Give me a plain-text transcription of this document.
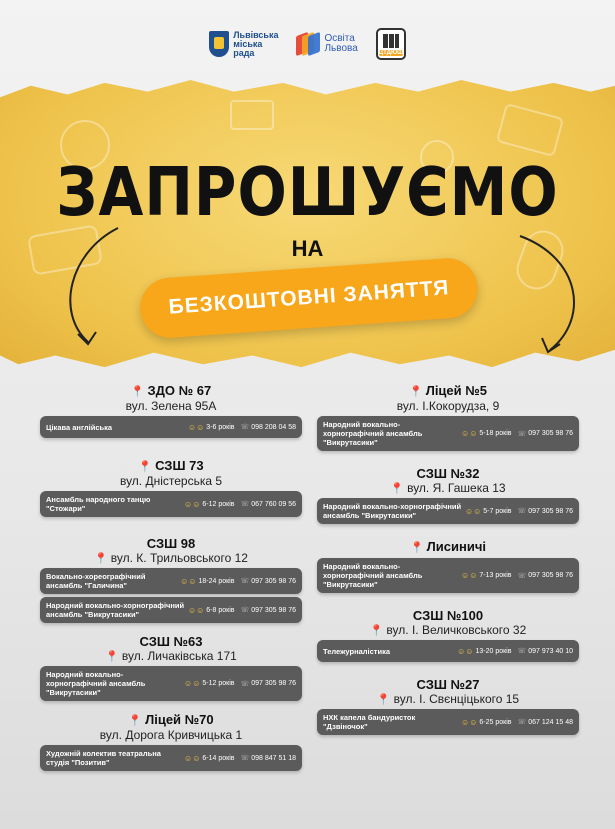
Львівська
міська
рада
Освіта
Львова	ЦТДЮШ
ЗАПРОШУЄМО
НА
БЕЗКОШТОВНІ ЗАНЯТТЯ
📍 ЗДО № 67
вул. Зелена 95А
Цікава англійська	☺☺ 3-6 років ☏ 098 208 04 58
📍 СЗШ 73
вул. Дністерська 5
Ансамбль народного танцю "Стожари"	☺☺ 6-12 років ☏ 067 760 09 56
СЗШ 98
📍 вул. К. Трильовського 12
Вокально-хореографічний ансамбль "Галичина"	☺☺ 18-24 років ☏ 097 305 98 76
Народний вокально-хорнографічний ансамбль "Викрутасики"	☺☺ 6-8 років ☏ 097 305 98 76
СЗШ №63
📍 вул. Личаківська 171
Народний вокально-хорнографічний ансамбль "Викрутасики"
☺☺ 5-12 років ☏ 097 305 98 76
📍 Ліцей №70
вул. Дорога Кривчицька 1
Художній колектив театральна студія "Позитив"	☺☺ 6-14 років ☏ 098 847 51 18
📍 Ліцей №5
вул. І.Кокорудза, 9
Народний вокально-хорнографічний ансамбль "Викрутасики"
☺☺ 5-18 років ☏ 097 305 98 76
СЗШ №32
📍 вул. Я. Гашека 13
Народний вокально-хорнографічний ансамбль "Викрутасики"	☺☺ 5-7 років ☏ 097 305 98 76
📍 Лисиничі
Народний вокально-хорнографічний ансамбль "Викрутасики"
☺☺ 7-13 років ☏ 097 305 98 76
СЗШ №100
📍 вул. І. Величковського 32
Тележурналістика	☺☺ 13-20 років ☏ 097 973 40 10
СЗШ №27
📍 вул. І. Свєнціцького 15
НХК капела бандуристок "Дзвіночок"	☺☺ 6-25 років ☏ 067 124 15 48
